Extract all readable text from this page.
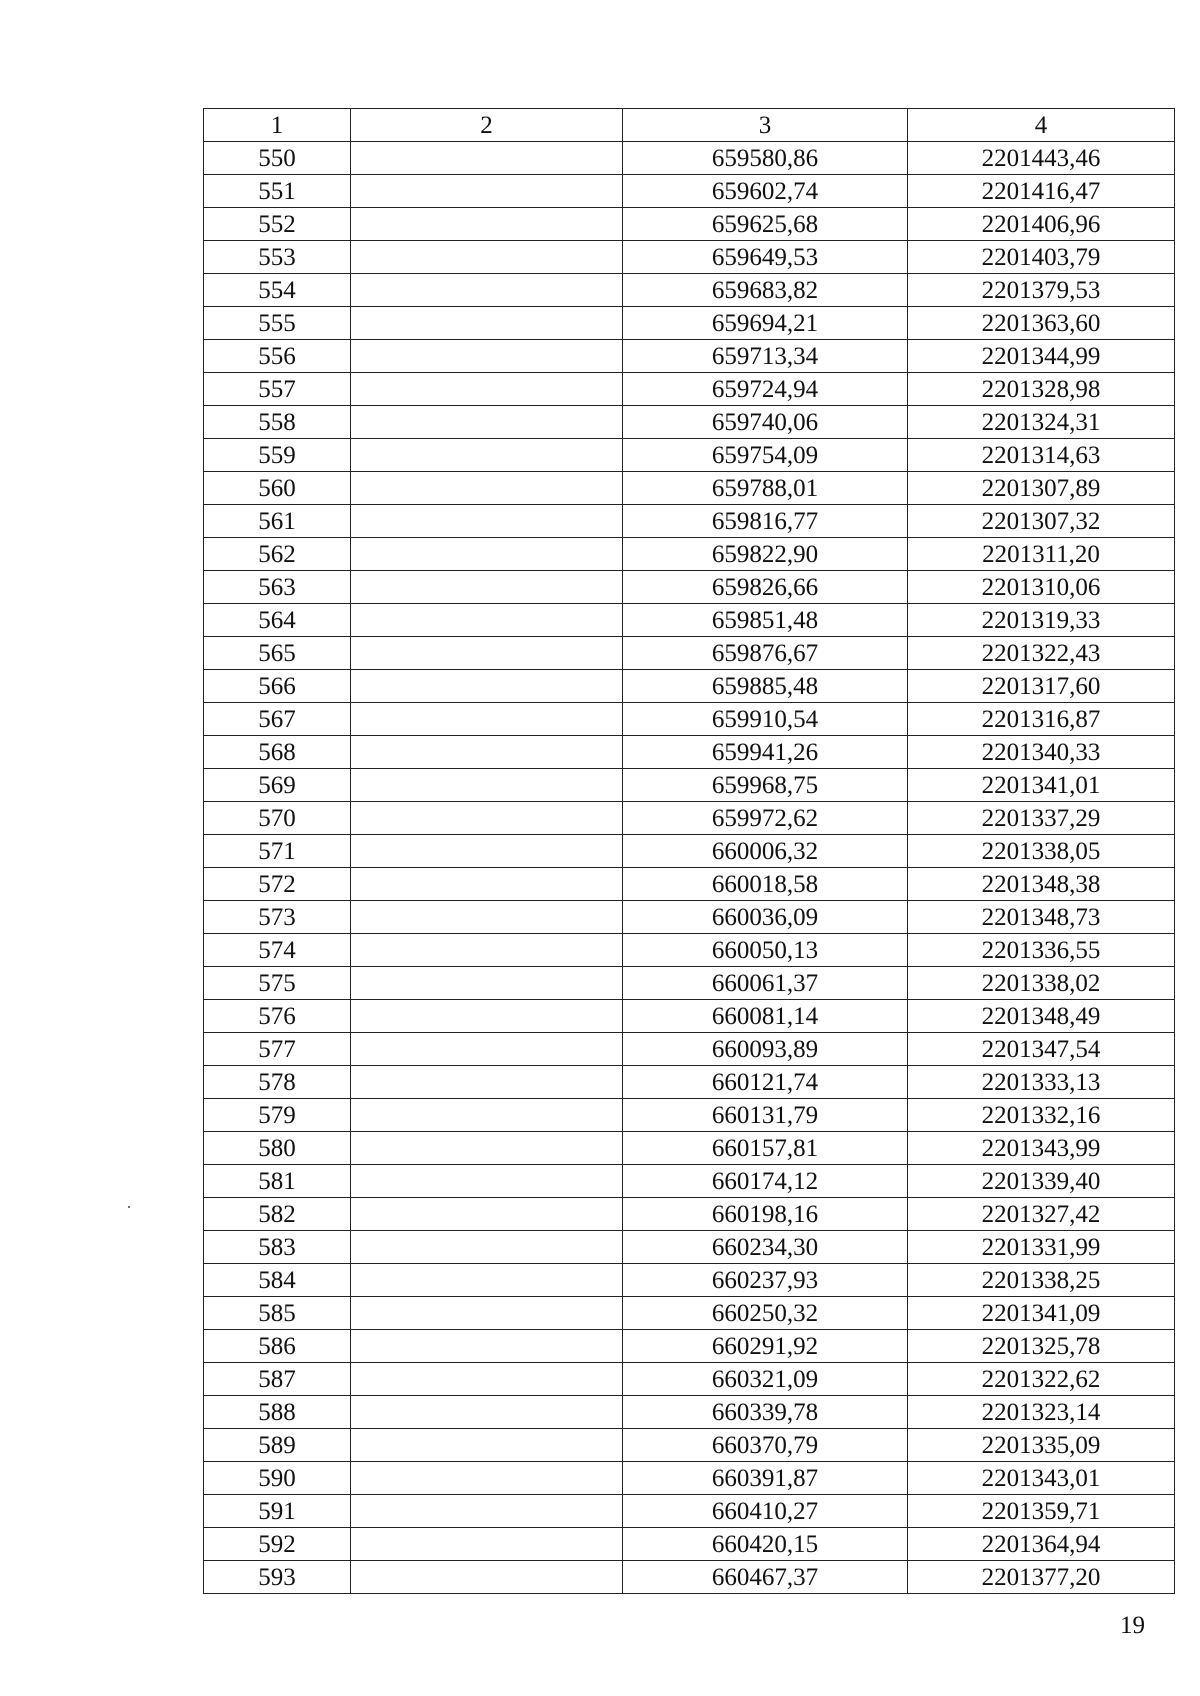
1	2	3	4
550		659580,86	2201443,46
551		659602,74	2201416,47
552		659625,68	2201406,96
553		659649,53	2201403,79
554		659683,82	2201379,53
555		659694,21	2201363,60
556		659713,34	2201344,99
557		659724,94	2201328,98
558		659740,06	2201324,31
559		659754,09	2201314,63
560		659788,01	2201307,89
561		659816,77	2201307,32
562		659822,90	2201311,20
563		659826,66	2201310,06
564		659851,48	2201319,33
565		659876,67	2201322,43
566		659885,48	2201317,60
567		659910,54	2201316,87
568		659941,26	2201340,33
569		659968,75	2201341,01
570		659972,62	2201337,29
571		660006,32	2201338,05
572		660018,58	2201348,38
573		660036,09	2201348,73
574		660050,13	2201336,55
575		660061,37	2201338,02
576		660081,14	2201348,49
577		660093,89	2201347,54
578		660121,74	2201333,13
579		660131,79	2201332,16
580		660157,81	2201343,99
581		660174,12	2201339,40
582		660198,16	2201327,42
583		660234,30	2201331,99
584		660237,93	2201338,25
585		660250,32	2201341,09
586		660291,92	2201325,78
587		660321,09	2201322,62
588		660339,78	2201323,14
589		660370,79	2201335,09
590		660391,87	2201343,01
591		660410,27	2201359,71
592		660420,15	2201364,94
593		660467,37	2201377,20
19
